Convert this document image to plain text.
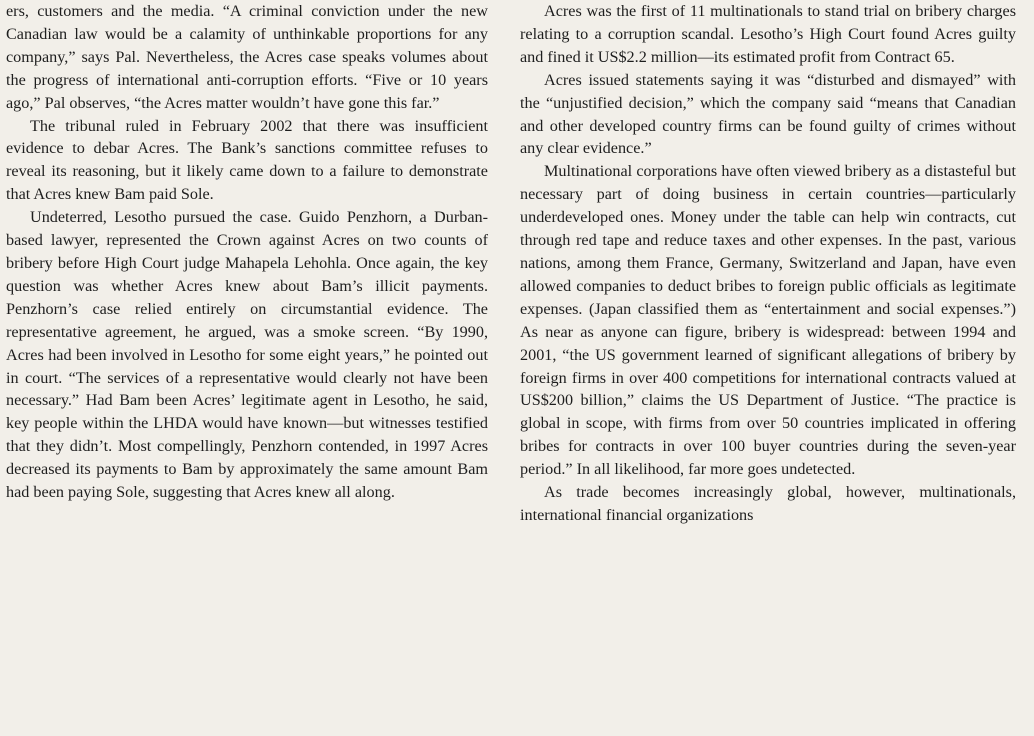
ers, customers and the media. “A criminal conviction under the new Canadian law would be a calamity of unthinkable proportions for any company,” says Pal. Nevertheless, the Acres case speaks volumes about the progress of international anti-corruption efforts. “Five or 10 years ago,” Pal observes, “the Acres matter wouldn’t have gone this far.”

The tribunal ruled in February 2002 that there was insufficient evidence to debar Acres. The Bank’s sanctions committee refuses to reveal its reasoning, but it likely came down to a failure to demonstrate that Acres knew Bam paid Sole.

Undeterred, Lesotho pursued the case. Guido Penzhorn, a Durban-based lawyer, represented the Crown against Acres on two counts of bribery before High Court judge Mahapela Lehohla. Once again, the key question was whether Acres knew about Bam’s illicit payments. Penzhorn’s case relied entirely on circumstantial evidence. The representative agreement, he argued, was a smoke screen. “By 1990, Acres had been involved in Lesotho for some eight years,” he pointed out in court. “The services of a representative would clearly not have been necessary.” Had Bam been Acres’ legitimate agent in Lesotho, he said, key people within the LHDA would have known—but witnesses testified that they didn’t. Most compellingly, Penzhorn contended, in 1997 Acres decreased its payments to Bam by approximately the same amount Bam had been paying Sole, suggesting that Acres knew all along.

Acres was the first of 11 multinationals to stand trial on bribery charges relating to a corruption scandal. Lesotho’s High Court found Acres guilty and fined it US$2.2 million—its estimated profit from Contract 65.

Acres issued statements saying it was “disturbed and dismayed” with the “unjustified decision,” which the company said “means that Canadian and other developed country firms can be found guilty of crimes without any clear evidence.”

Multinational corporations have often viewed bribery as a distasteful but necessary part of doing business in certain countries—particularly underdeveloped ones. Money under the table can help win contracts, cut through red tape and reduce taxes and other expenses. In the past, various nations, among them France, Germany, Switzerland and Japan, have even allowed companies to deduct bribes to foreign public officials as legitimate expenses. (Japan classified them as “entertainment and social expenses.”) As near as anyone can figure, bribery is widespread: between 1994 and 2001, “the US government learned of significant allegations of bribery by foreign firms in over 400 competitions for international contracts valued at US$200 billion,” claims the US Department of Justice. “The practice is global in scope, with firms from over 50 countries implicated in offering bribes for contracts in over 100 buyer countries during the seven-year period.” In all likelihood, far more goes undetected.

As trade becomes increasingly global, however, multinationals, international financial organizations
